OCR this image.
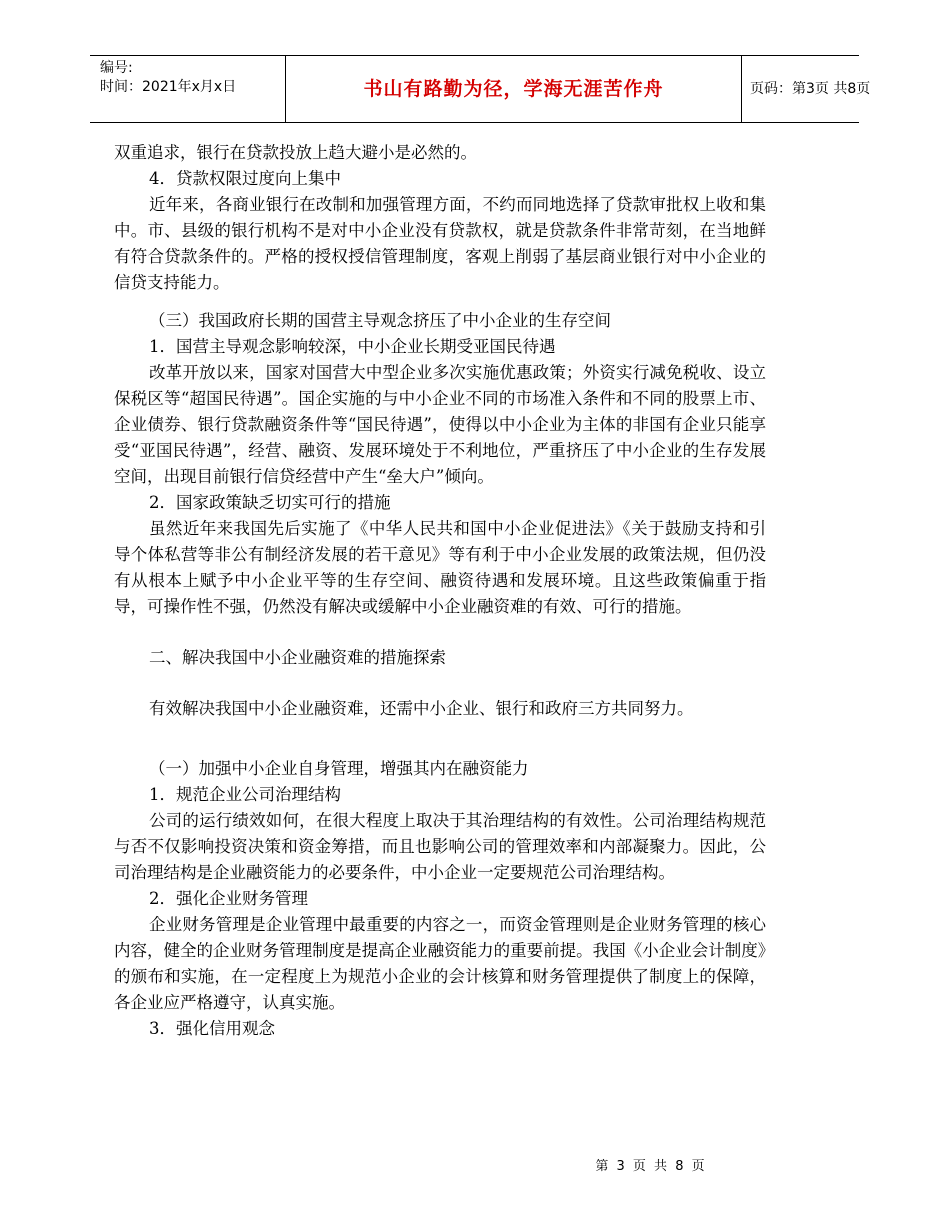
编号:
时间：2021年x月x日	书山有路勤为径，学海无涯苦作舟	页码：第3页 共8页

双重追求，银行在贷款投放上趋大避小是必然的。

4．贷款权限过度向上集中

近年来，各商业银行在改制和加强管理方面，不约而同地选择了贷款审批权上收和集中。市、县级的银行机构不是对中小企业没有贷款权，就是贷款条件非常苛刻，在当地鲜有符合贷款条件的。严格的授权授信管理制度，客观上削弱了基层商业银行对中小企业的信贷支持能力。

（三）我国政府长期的国营主导观念挤压了中小企业的生存空间

1．国营主导观念影响较深，中小企业长期受亚国民待遇

改革开放以来，国家对国营大中型企业多次实施优惠政策；外资实行减免税收、设立保税区等“超国民待遇”。国企实施的与中小企业不同的市场准入条件和不同的股票上市、企业债券、银行贷款融资条件等“国民待遇”，使得以中小企业为主体的非国有企业只能享受“亚国民待遇”，经营、融资、发展环境处于不利地位，严重挤压了中小企业的生存发展空间，出现目前银行信贷经营中产生“垒大户”倾向。

2．国家政策缺乏切实可行的措施

虽然近年来我国先后实施了《中华人民共和国中小企业促进法》《关于鼓励支持和引导个体私营等非公有制经济发展的若干意见》等有利于中小企业发展的政策法规，但仍没有从根本上赋予中小企业平等的生存空间、融资待遇和发展环境。且这些政策偏重于指导，可操作性不强，仍然没有解决或缓解中小企业融资难的有效、可行的措施。

二、解决我国中小企业融资难的措施探索

有效解决我国中小企业融资难，还需中小企业、银行和政府三方共同努力。

（一）加强中小企业自身管理，增强其内在融资能力

1．规范企业公司治理结构

公司的运行绩效如何，在很大程度上取决于其治理结构的有效性。公司治理结构规范与否不仅影响投资决策和资金筹措，而且也影响公司的管理效率和内部凝聚力。因此，公司治理结构是企业融资能力的必要条件，中小企业一定要规范公司治理结构。

2．强化企业财务管理

企业财务管理是企业管理中最重要的内容之一，而资金管理则是企业财务管理的核心内容，健全的企业财务管理制度是提高企业融资能力的重要前提。我国《小企业会计制度》的颁布和实施，在一定程度上为规范小企业的会计核算和财务管理提供了制度上的保障，各企业应严格遵守，认真实施。

3．强化信用观念

第 3 页 共 8 页
